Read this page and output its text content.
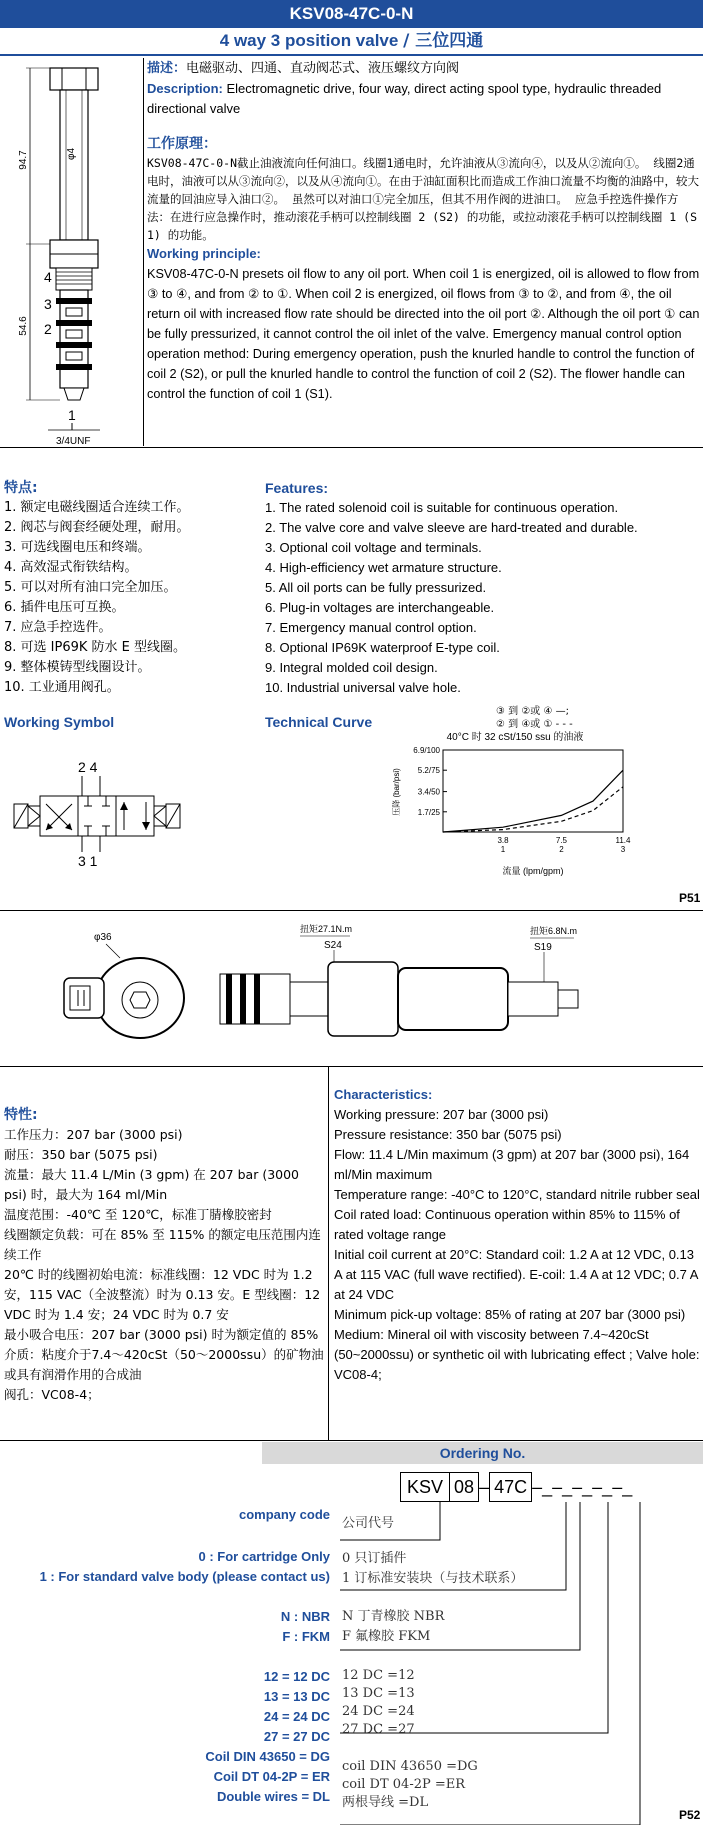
KSV08-47C-0-N
4 way 3 position valve / 三位四通
94.7	φ4
54.6
4
3
2
1
3/4UNF
描述：电磁驱动、四通、直动阀芯式、液压螺纹方向阀
Description: Electromagnetic drive, four way, direct acting spool type, hydraulic threaded directional valve
工作原理：
KSV08-47C-0-N截止油液流向任何油口。线圈1通电时，允许油液从③流向④，以及从②流向①。 线圈2通电时，油液可以从③流向②，以及从④流向①。在由于油缸面积比而造成工作油口流量不均衡的油路中，较大流量的回油应导入油口②。 虽然可以对油口①完全加压，但其不用作阀的进油口。 应急手控选件操作方法：在进行应急操作时，推动滚花手柄可以控制线圈 2 (S2) 的功能，或拉动滚花手柄可以控制线圈 1 (S1) 的功能。
Working principle:
KSV08-47C-0-N presets oil flow to any oil port. When coil 1 is energized, oil is allowed to flow from ③ to ④, and from ② to ①. When coil 2 is energized, oil flows from ③ to ②, and from ④, the oil return oil with increased flow rate should be directed into the oil port ②. Although the oil port ① can be fully pressurized, it cannot control the oil inlet of the valve. Emergency manual control option operation method: During emergency operation, push the knurled handle to control the function of coil 2 (S2), or pull the knurled handle to control the function of coil 2 (S2). The flower handle can control the function of coil 1 (S1).
特点:
1. 额定电磁线圈适合连续工作。
2. 阀芯与阀套经硬处理，耐用。
3. 可选线圈电压和终端。
4. 高效湿式衔铁结构。
5. 可以对所有油口完全加压。
6. 插件电压可互换。
7. 应急手控选件。
8. 可选 IP69K 防水 E 型线圈。
9. 整体模铸型线圈设计。
10. 工业通用阀孔。
Features:
1. The rated solenoid coil is suitable for continuous operation.
2. The valve core and valve sleeve are hard-treated and durable.
3. Optional coil voltage and terminals.
4. High-efficiency wet armature structure.
5. All oil ports can be fully pressurized.
6. Plug-in voltages are interchangeable.
7. Emergency manual control option.
8. Optional IP69K waterproof E-type coil.
9. Integral molded coil design.
10. Industrial universal valve hole.
Working Symbol
2 4
3 1
Technical Curve
③ 到 ②或 ④ —;
② 到 ④或 ① - - -
40°C 时 32 cSt/150 ssu 的油液
压降 (bar/psi)
流量 (lpm/gpm)
6.9/100
5.2/75
3.4/50
1.7/25
3.8
1
7.5
2
11.4
3
P51
φ36
扭矩27.1N.m
S24
扭矩6.8N.m
S19
特性:
工作压力：207 bar (3000 psi)
耐压：350 bar (5075 psi)
流量：最大 11.4 L/Min (3 gpm) 在 207 bar (3000 psi) 时，最大为 164 ml/Min
温度范围：-40℃ 至 120℃，标准丁腈橡胶密封
线圈额定负载：可在 85% 至 115% 的额定电压范围内连续工作
20℃ 时的线圈初始电流：标准线圈：12 VDC 时为 1.2 安，115 VAC（全波整流）时为 0.13 安。E 型线圈：12 VDC 时为 1.4 安；24 VDC 时为 0.7 安
最小吸合电压：207 bar (3000 psi) 时为额定值的 85%
介质：粘度介于7.4～420cSt（50～2000ssu）的矿物油或具有润滑作用的合成油
阀孔：VC08-4；
Characteristics:
Working pressure: 207 bar (3000 psi)
Pressure resistance: 350 bar (5075 psi)
Flow: 11.4 L/Min maximum (3 gpm) at 207 bar (3000 psi), 164 ml/Min maximum
Temperature range: -40°C to 120°C, standard nitrile rubber seal
Coil rated load: Continuous operation within 85% to 115% of rated voltage range
Initial coil current at 20°C: Standard coil: 1.2 A at 12 VDC, 0.13 A at 115 VAC (full wave rectified). E-coil: 1.4 A at 12 VDC; 0.7 A at 24 VDC
Minimum pick-up voltage: 85% of rating at 207 bar (3000 psi)
Medium: Mineral oil with viscosity between 7.4~420cSt (50~2000ssu) or synthetic oil with lubricating effect ; Valve hole: VC08-4;
Ordering No.
KSV 08 – 47C –_–_–_–_–_
company code
公司代号
0 : For cartridge Only
1 : For standard valve body (please contact us)
0 只订插件
1 订标准安装块（与技术联系）
N : NBR
F : FKM
N 丁青橡胶 NBR
F 氟橡胶 FKM
12 = 12 DC
13 = 13 DC
24 = 24 DC
27 = 27 DC
12 DC =12
13 DC =13
24 DC =24
27 DC =27
Coil DIN 43650 = DG
Coil DT 04-2P = ER
Double wires = DL
coil DIN 43650 =DG
coil DT 04-2P =ER
两根导线 =DL
P52
